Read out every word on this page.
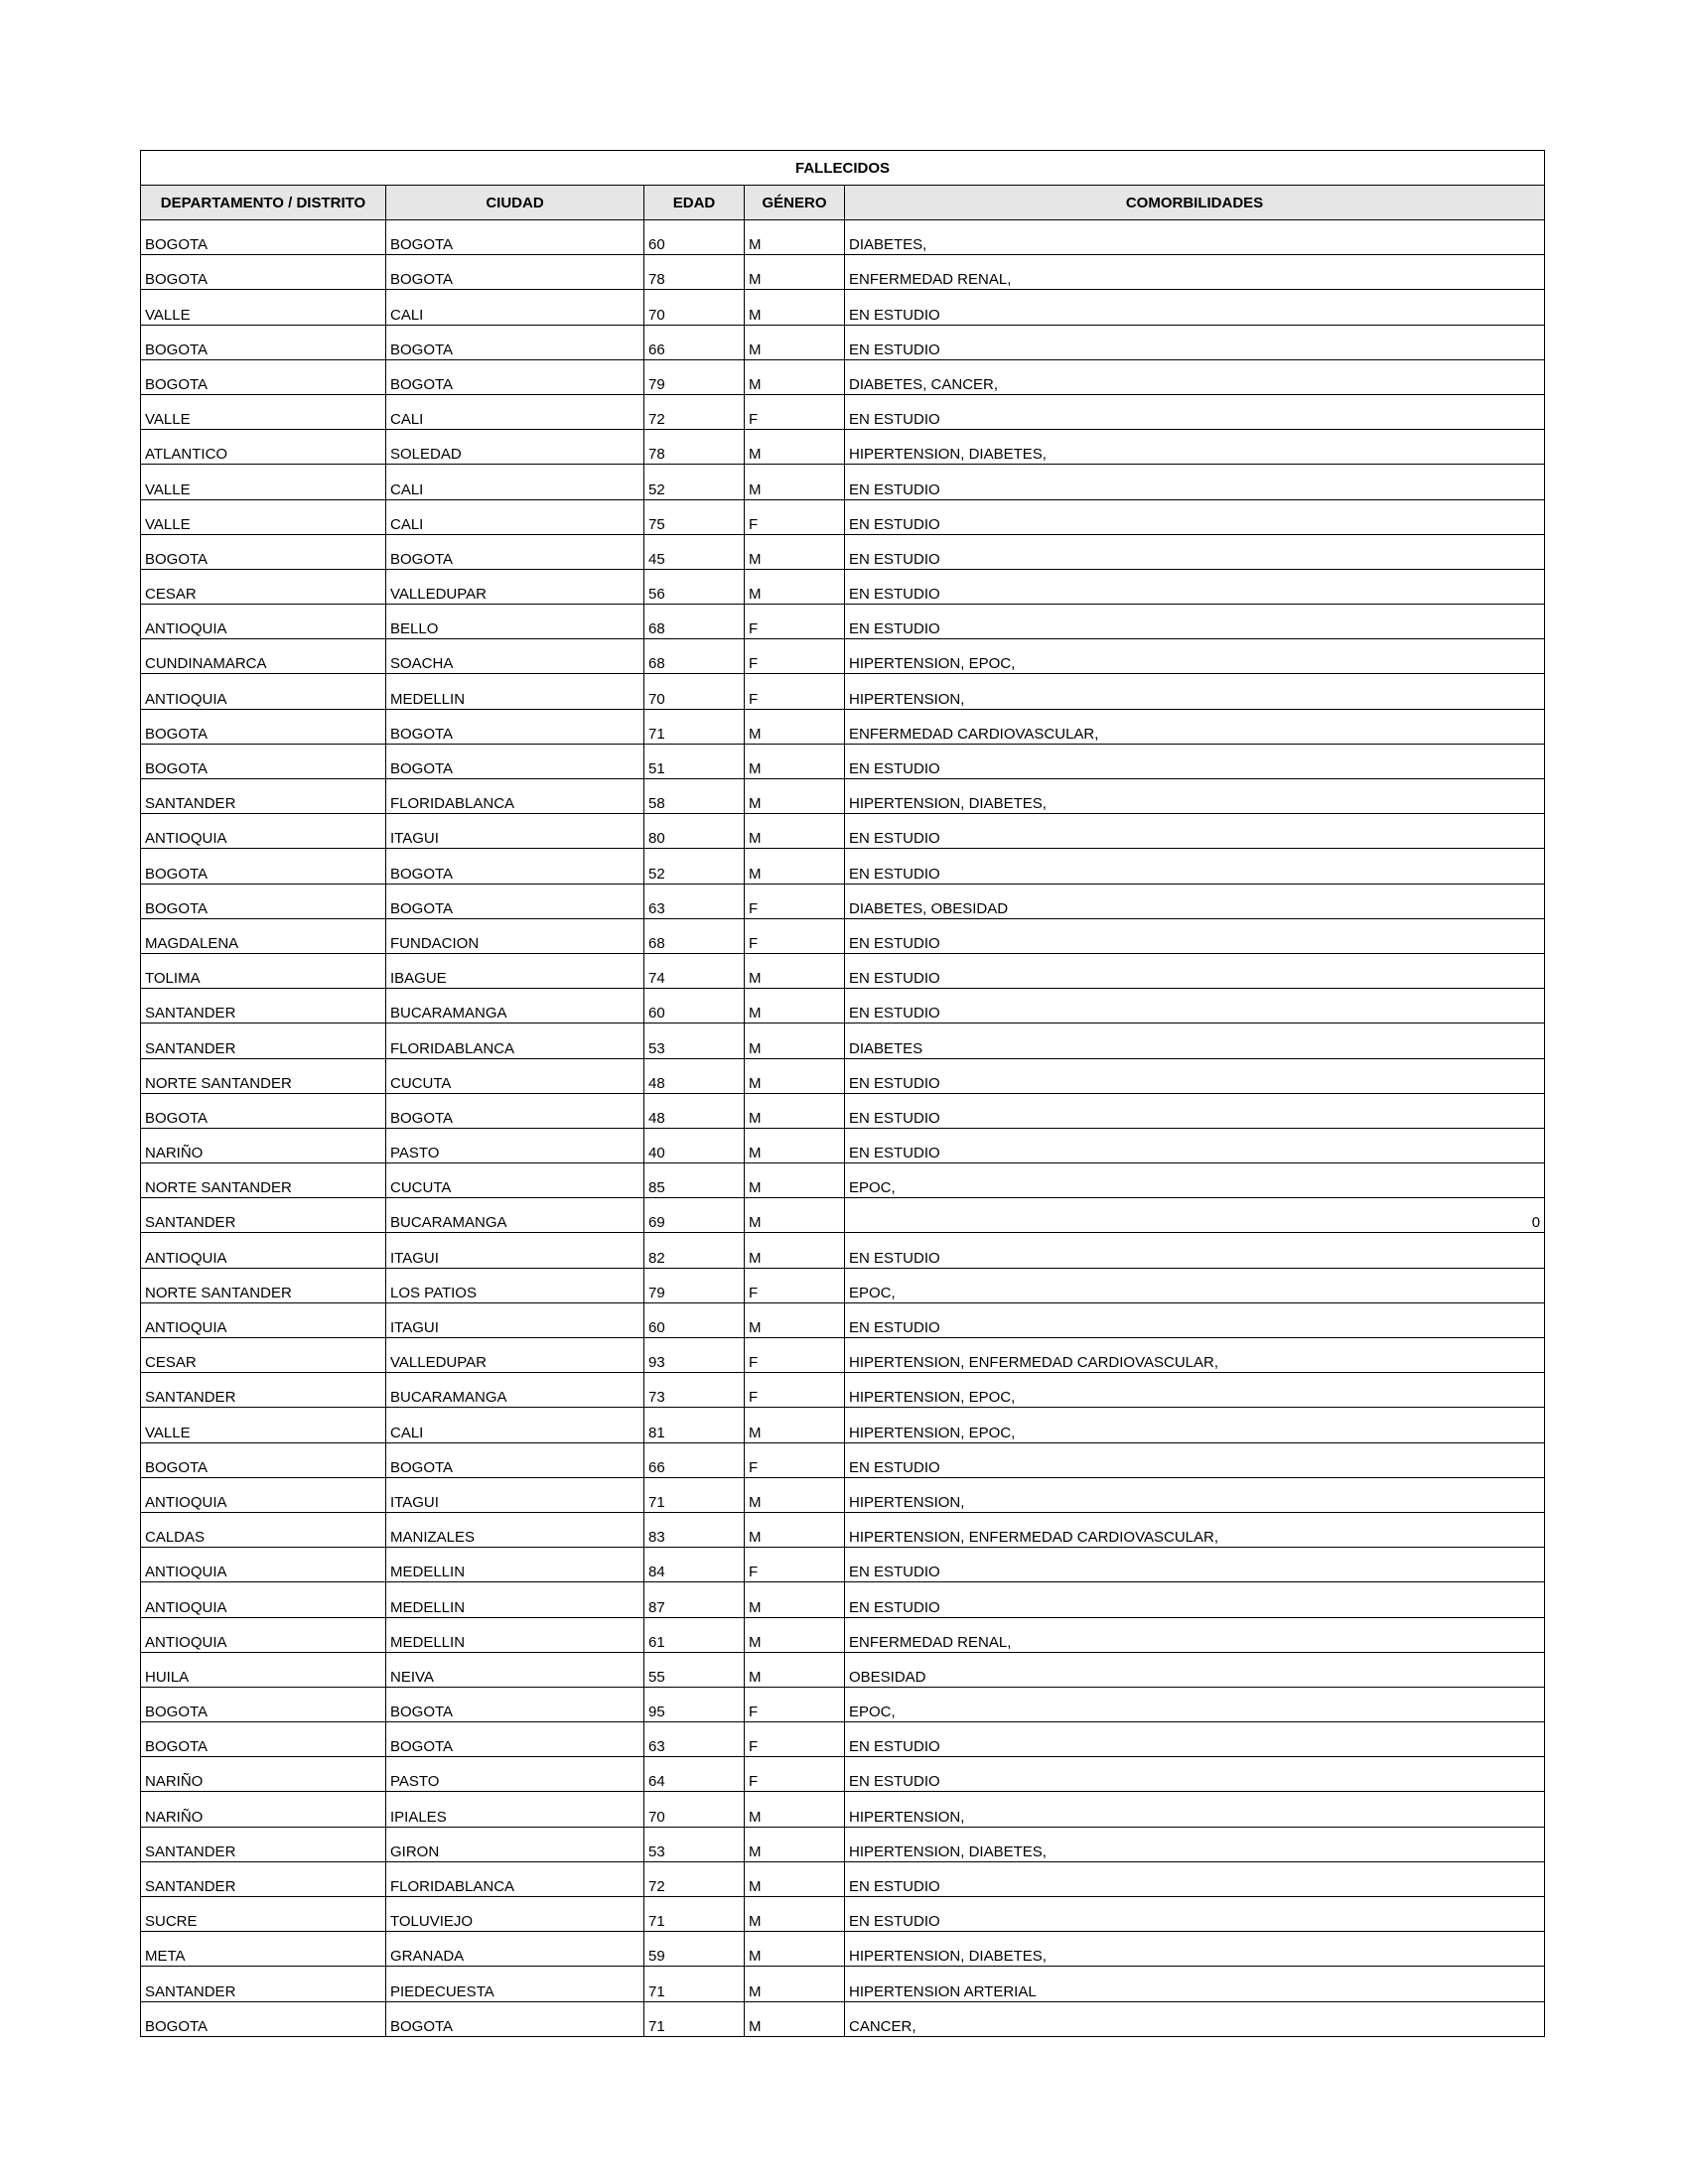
FALLECIDOS				
DEPARTAMENTO / DISTRITO	CIUDAD	EDAD	GÉNERO	COMORBILIDADES
BOGOTA	BOGOTA	60	M	DIABETES,
BOGOTA	BOGOTA	78	M	ENFERMEDAD RENAL,
VALLE	CALI	70	M	EN ESTUDIO
BOGOTA	BOGOTA	66	M	EN ESTUDIO
BOGOTA	BOGOTA	79	M	DIABETES, CANCER,
VALLE	CALI	72	F	EN ESTUDIO
ATLANTICO	SOLEDAD	78	M	HIPERTENSION, DIABETES,
VALLE	CALI	52	M	EN ESTUDIO
VALLE	CALI	75	F	EN ESTUDIO
BOGOTA	BOGOTA	45	M	EN ESTUDIO
CESAR	VALLEDUPAR	56	M	EN ESTUDIO
ANTIOQUIA	BELLO	68	F	EN ESTUDIO
CUNDINAMARCA	SOACHA	68	F	HIPERTENSION, EPOC,
ANTIOQUIA	MEDELLIN	70	F	HIPERTENSION,
BOGOTA	BOGOTA	71	M	ENFERMEDAD CARDIOVASCULAR,
BOGOTA	BOGOTA	51	M	EN ESTUDIO
SANTANDER	FLORIDABLANCA	58	M	HIPERTENSION, DIABETES,
ANTIOQUIA	ITAGUI	80	M	EN ESTUDIO
BOGOTA	BOGOTA	52	M	EN ESTUDIO
BOGOTA	BOGOTA	63	F	DIABETES, OBESIDAD
MAGDALENA	FUNDACION	68	F	EN ESTUDIO
TOLIMA	IBAGUE	74	M	EN ESTUDIO
SANTANDER	BUCARAMANGA	60	M	EN ESTUDIO
SANTANDER	FLORIDABLANCA	53	M	DIABETES
NORTE SANTANDER	CUCUTA	48	M	EN ESTUDIO
BOGOTA	BOGOTA	48	M	EN ESTUDIO
NARIÑO	PASTO	40	M	EN ESTUDIO
NORTE SANTANDER	CUCUTA	85	M	EPOC,
SANTANDER	BUCARAMANGA	69	M	0
ANTIOQUIA	ITAGUI	82	M	EN ESTUDIO
NORTE SANTANDER	LOS PATIOS	79	F	EPOC,
ANTIOQUIA	ITAGUI	60	M	EN ESTUDIO
CESAR	VALLEDUPAR	93	F	HIPERTENSION, ENFERMEDAD CARDIOVASCULAR,
SANTANDER	BUCARAMANGA	73	F	HIPERTENSION, EPOC,
VALLE	CALI	81	M	HIPERTENSION, EPOC,
BOGOTA	BOGOTA	66	F	EN ESTUDIO
ANTIOQUIA	ITAGUI	71	M	HIPERTENSION,
CALDAS	MANIZALES	83	M	HIPERTENSION, ENFERMEDAD CARDIOVASCULAR,
ANTIOQUIA	MEDELLIN	84	F	EN ESTUDIO
ANTIOQUIA	MEDELLIN	87	M	EN ESTUDIO
ANTIOQUIA	MEDELLIN	61	M	ENFERMEDAD RENAL,
HUILA	NEIVA	55	M	OBESIDAD
BOGOTA	BOGOTA	95	F	EPOC,
BOGOTA	BOGOTA	63	F	EN ESTUDIO
NARIÑO	PASTO	64	F	EN ESTUDIO
NARIÑO	IPIALES	70	M	HIPERTENSION,
SANTANDER	GIRON	53	M	HIPERTENSION, DIABETES,
SANTANDER	FLORIDABLANCA	72	M	EN ESTUDIO
SUCRE	TOLUVIEJO	71	M	EN ESTUDIO
META	GRANADA	59	M	HIPERTENSION, DIABETES,
SANTANDER	PIEDECUESTA	71	M	HIPERTENSION ARTERIAL
BOGOTA	BOGOTA	71	M	CANCER,
